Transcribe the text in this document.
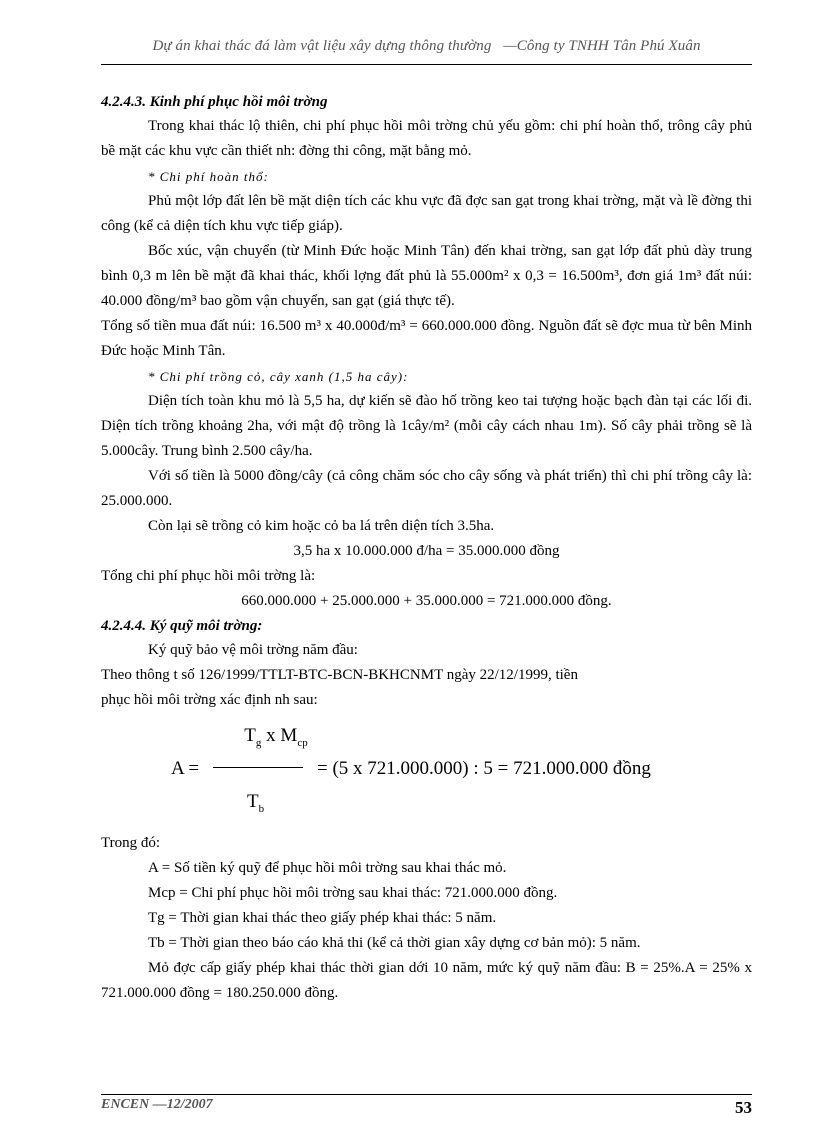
Dự án khai thác đá làm vật liệu xây dựng thông thường —Công ty TNHH Tân Phú Xuân

4.2.4.3. Kinh phí phục hồi môi trờng

Trong khai thác lộ thiên, chi phí phục hồi môi trờng chủ yếu gồm: chi phí hoàn thổ, trông cây phủ bề mặt các khu vực cần thiết nh: đờng thi công, mặt bằng mỏ.

* Chi phí hoàn thổ:

Phủ một lớp đất lên bề mặt diện tích các khu vực đã đợc san gạt trong khai trờng, mặt và lề đờng thi công (kể cả diện tích khu vực tiếp giáp).

Bốc xúc, vận chuyển (từ Minh Đức hoặc Minh Tân) đến khai trờng, san gạt lớp đất phủ dày trung bình 0,3 m lên bề mặt đã khai thác, khối lợng đất phủ là 55.000m² x 0,3 = 16.500m³, đơn giá 1m³ đất núi: 40.000 đồng/m³ bao gồm vận chuyển, san gạt (giá thực tế).

Tổng số tiền mua đất núi: 16.500 m³ x 40.000đ/m³ = 660.000.000 đồng. Nguồn đất sẽ đợc mua từ bên Minh Đức hoặc Minh Tân.

* Chi phí trồng cỏ, cây xanh (1,5 ha cây):

Diện tích toàn khu mỏ là 5,5 ha, dự kiến sẽ đào hố trồng keo tai tượng hoặc bạch đàn tại các lối đi. Diện tích trồng khoảng 2ha, với mật độ trồng là 1cây/m² (mỗi cây cách nhau 1m). Số cây phải trồng sẽ là 5.000cây. Trung bình 2.500 cây/ha.

Với số tiền là 5000 đồng/cây (cả công chăm sóc cho cây sống và phát triển) thì chi phí trồng cây là: 25.000.000.

Còn lại sẽ trồng cỏ kim hoặc cỏ ba lá trên diện tích 3.5ha.

3,5 ha x 10.000.000 đ/ha = 35.000.000 đồng

Tổng chi phí phục hồi môi trờng là:

660.000.000 + 25.000.000 + 35.000.000 = 721.000.000 đồng.

4.2.4.4. Ký quỹ môi trờng:

Ký quỹ bảo vệ môi trờng năm đầu:

Theo thông t số 126/1999/TTLT-BTC-BCN-BKHCNMT ngày 22/12/1999, tiền

phục hồi môi trờng xác định nh sau:

$T_g$ x $M_{cp}$
A =	= (5 x 721.000.000) : 5 = 721.000.000 đồng
$T_b$

Trong đó:

A = Số tiền ký quỹ để phục hồi môi trờng sau khai thác mỏ.

Mcp = Chi phí phục hồi môi trờng sau khai thác: 721.000.000 đồng.

Tg = Thời gian khai thác theo giấy phép khai thác: 5 năm.

Tb = Thời gian theo báo cáo khả thi (kể cả thời gian xây dựng cơ bản mỏ): 5 năm.

Mỏ đợc cấp giấy phép khai thác thời gian dới 10 năm, mức ký quỹ năm đầu: B = 25%.A = 25% x 721.000.000 đồng = 180.250.000 đồng.

ENCEN —12/2007	53
